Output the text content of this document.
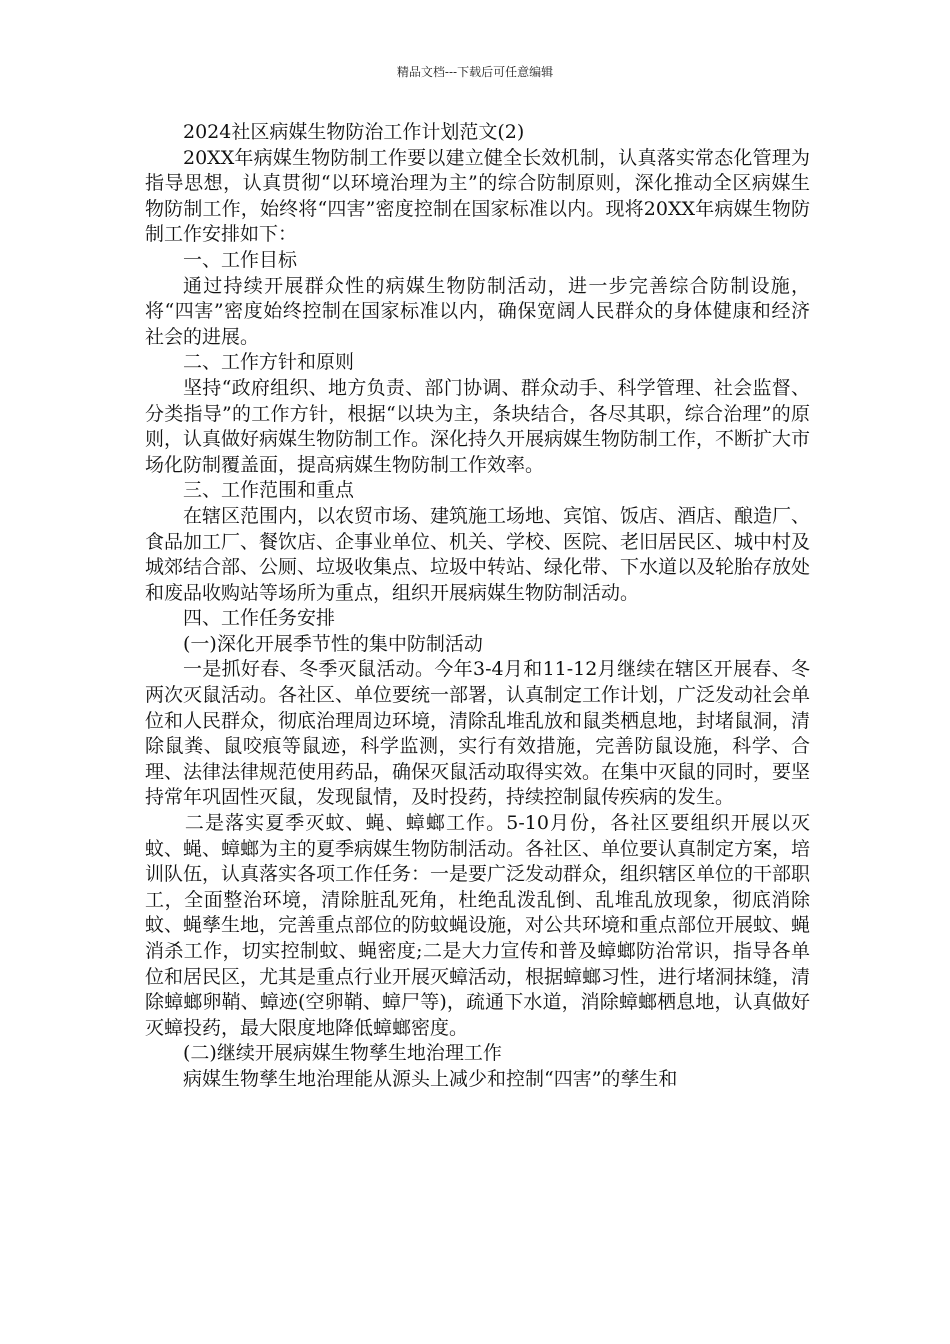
精品文档---下载后可任意编辑

2024社区病媒生物防治工作计划范文(2)

20XX年病媒生物防制工作要以建立健全长效机制，认真落实常态化管理为指导思想，认真贯彻“以环境治理为主”的综合防制原则，深化推动全区病媒生物防制工作，始终将“四害”密度控制在国家标准以内。现将20XX年病媒生物防制工作安排如下：

一、工作目标

通过持续开展群众性的病媒生物防制活动，进一步完善综合防制设施，将“四害”密度始终控制在国家标准以内，确保宽阔人民群众的身体健康和经济社会的进展。

二、工作方针和原则

坚持“政府组织、地方负责、部门协调、群众动手、科学管理、社会监督、分类指导”的工作方针，根据“以块为主，条块结合，各尽其职，综合治理”的原则，认真做好病媒生物防制工作。深化持久开展病媒生物防制工作，不断扩大市场化防制覆盖面，提高病媒生物防制工作效率。

三、工作范围和重点

在辖区范围内，以农贸市场、建筑施工场地、宾馆、饭店、酒店、酿造厂、食品加工厂、餐饮店、企事业单位、机关、学校、医院、老旧居民区、城中村及城郊结合部、公厕、垃圾收集点、垃圾中转站、绿化带、下水道以及轮胎存放处和废品收购站等场所为重点，组织开展病媒生物防制活动。

四、工作任务安排

(一)深化开展季节性的集中防制活动

一是抓好春、冬季灭鼠活动。今年3-4月和11-12月继续在辖区开展春、冬两次灭鼠活动。各社区、单位要统一部署，认真制定工作计划，广泛发动社会单位和人民群众，彻底治理周边环境，清除乱堆乱放和鼠类栖息地，封堵鼠洞，清除鼠粪、鼠咬痕等鼠迹，科学监测，实行有效措施，完善防鼠设施，科学、合理、法律法律规范使用药品，确保灭鼠活动取得实效。在集中灭鼠的同时，要坚持常年巩固性灭鼠，发现鼠情，及时投药，持续控制鼠传疾病的发生。

二是落实夏季灭蚊、蝇、蟑螂工作。5-10月份，各社区要组织开展以灭蚊、蝇、蟑螂为主的夏季病媒生物防制活动。各社区、单位要认真制定方案，培训队伍，认真落实各项工作任务：一是要广泛发动群众，组织辖区单位的干部职工，全面整治环境，清除脏乱死角，杜绝乱泼乱倒、乱堆乱放现象，彻底消除蚊、蝇孳生地，完善重点部位的防蚊蝇设施，对公共环境和重点部位开展蚊、蝇消杀工作，切实控制蚊、蝇密度;二是大力宣传和普及蟑螂防治常识，指导各单位和居民区，尤其是重点行业开展灭蟑活动，根据蟑螂习性，进行堵洞抹缝，清除蟑螂卵鞘、蟑迹(空卵鞘、蟑尸等)，疏通下水道，消除蟑螂栖息地，认真做好灭蟑投药，最大限度地降低蟑螂密度。

(二)继续开展病媒生物孳生地治理工作

病媒生物孳生地治理能从源头上减少和控制“四害”的孳生和
